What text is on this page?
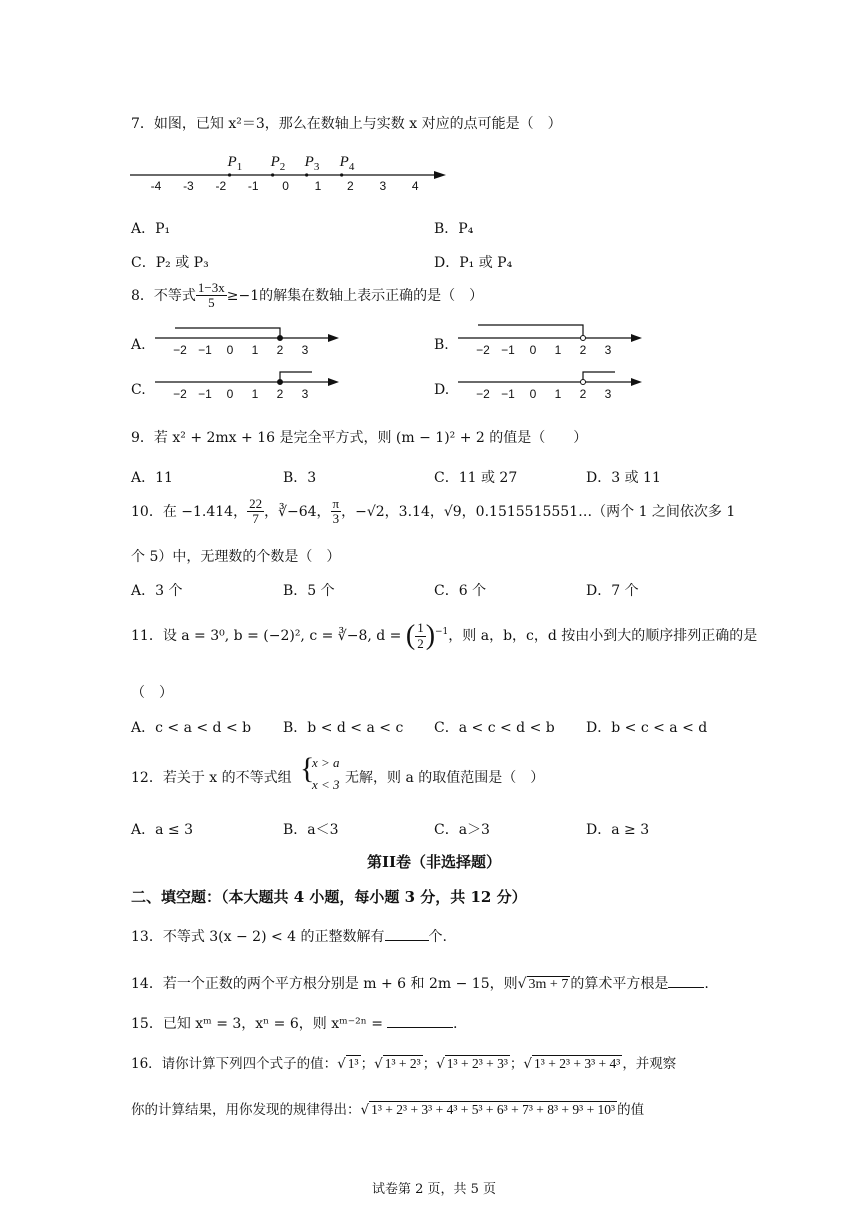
7．如图，已知 x²＝3，那么在数轴上与实数 x 对应的点可能是（　）
-4 -3 -2 -1 0 1 2 3 4
$P_1$ $P_2$ $P_3$ $P_4$
A．P₁	B．P₄
C．P₂ 或 P₃	D．P₁ 或 P₄
8．不等式 $\frac{1-3x}{5} \ge-1$的解集在数轴上表示正确的是（　）
A.	B.
C.	D.
−2 −1 0 1 2 3	−2 −1 0 1 2 3
−2 −1 0 1 2 3	−2 −1 0 1 2 3
9．若 x² + 2mx + 16 是完全平方式，则 (m − 1)² + 2 的值是（　　）
A．11	B．3	C．11 或 27	D．3 或 11
10．在 −1.414， $\frac{22}{7}$ ，∛−64， $\frac{\pi}{3}$ ，−√2，3.14，√9，0.1515515551…（两个 1 之间依次多 1
个 5）中，无理数的个数是（　）
A．3 个	B．5 个	C．6 个	D．7 个
11．设 a = 3⁰, b = (−2)², c = ∛−8, d = ( $\frac{1}{2} )^{-1}$，则 a，b，c，d 按由小到大的顺序排列正确的是
（　）
A．c < a < d < b B．b < d < a < c C．a < c < d < b D．b < c < a < d
12．若关于 x 的不等式组 {
x > a
x < 3 无解，则 a 的取值范围是（　）
A．a ≤ 3	B．a＜3	C．a＞3	D．a ≥ 3
第II卷（非选择题）
二、填空题：（本大题共 4 小题，每小题 3 分，共 12 分）
13．不等式 3(x − 2) < 4 的正整数解有	个.
14．若一个正数的两个平方根分别是 m + 6 和 2m − 15，则√ 3m + 7 的算术平方根是	.
15．已知 xᵐ = 3，xⁿ = 6，则 xᵐ⁻²ⁿ =	.
16．请你计算下列四个式子的值：√ 1³ ；√ 1³ + 2³ ；√ 1³ + 2³ + 3³ ；√ 1³ + 2³ + 3³ + 4³ ，并观察
你的计算结果，用你发现的规律得出：√ 1³ + 2³ + 3³ + 4³ + 5³ + 6³ + 7³ + 8³ + 9³ + 10³ 的值
试卷第 2 页，共 5 页
